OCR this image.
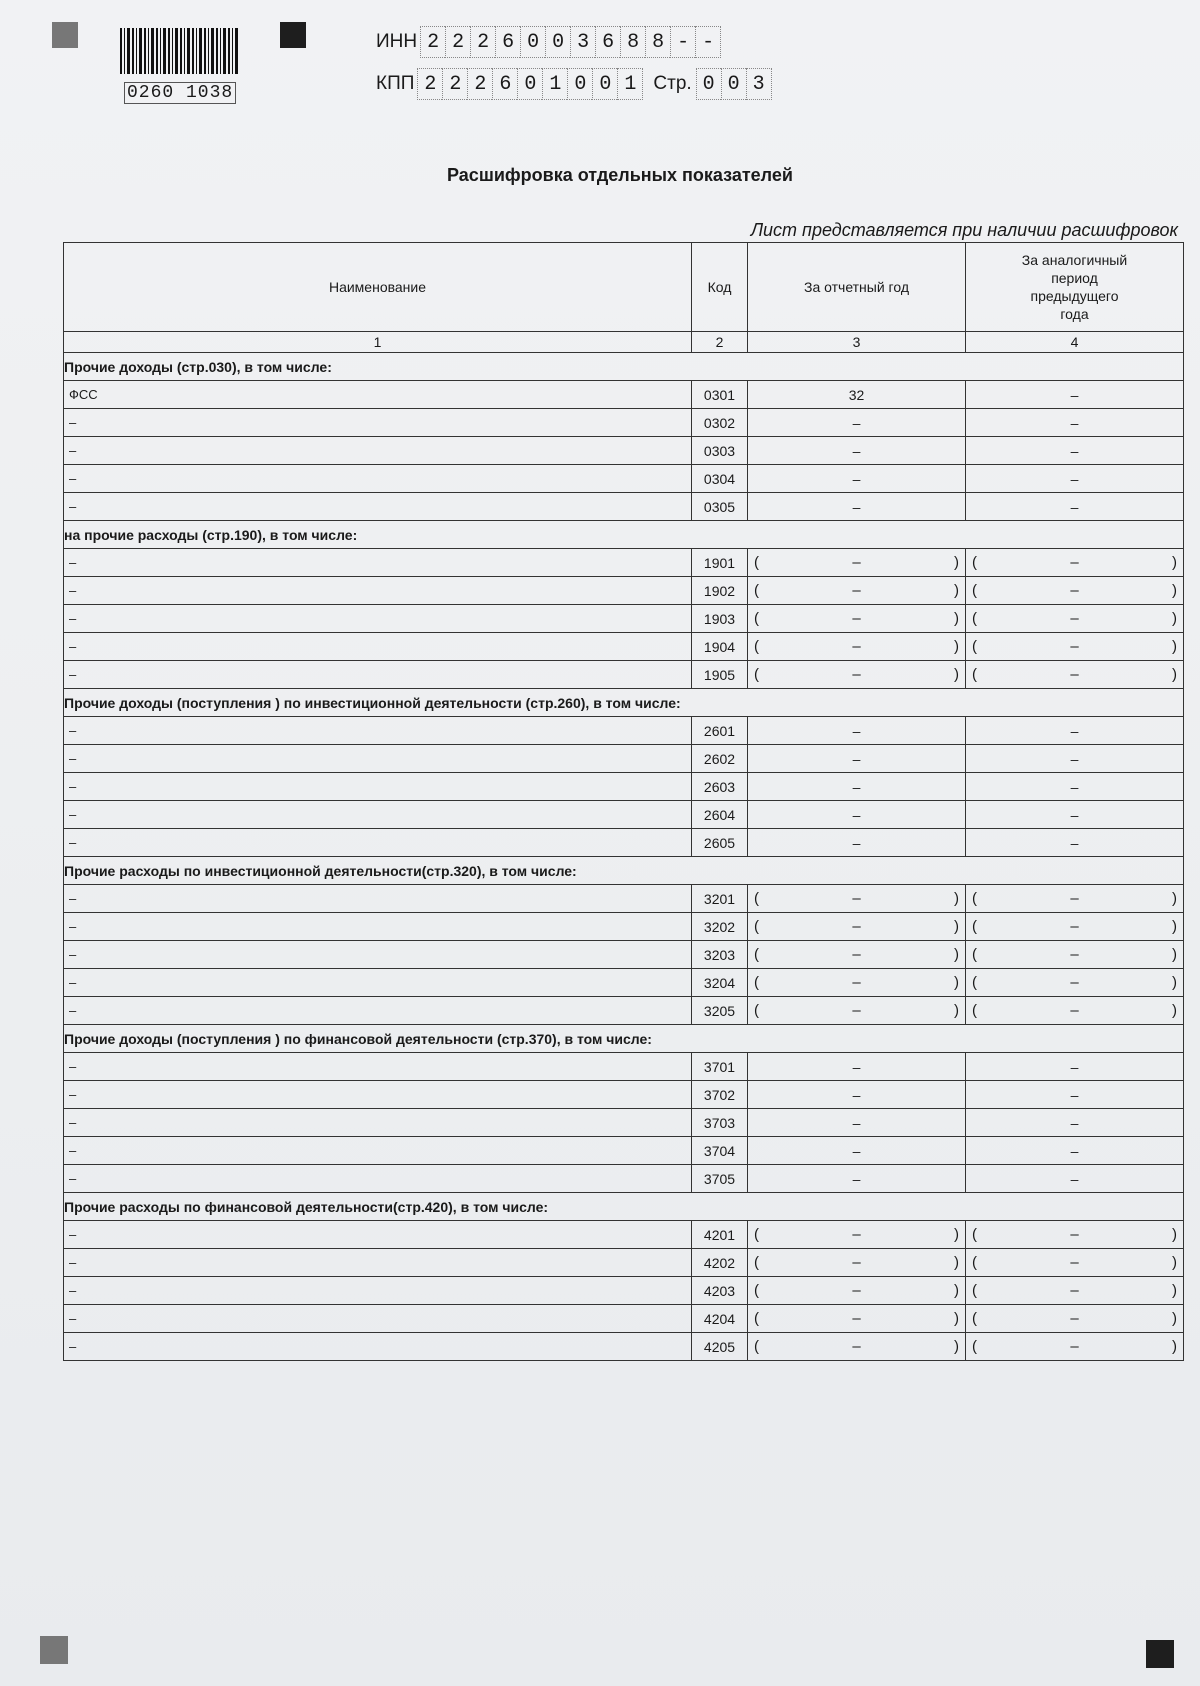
0260 1038
ИНН 2 2 2 6 0 0 3 6 8 8 - -
КПП 2 2 2 6 0 1 0 0 1 Стр. 0 0 3
Расшифровка отдельных показателей
Лист представляется при наличии расшифровок
Наименование	Код	За отчетный год	За аналогичный период предыдущего года
1	2	3	4
Прочие доходы (стр.030), в том числе:			
ФСС	0301	32	–
–	0302	–	–
–	0303	–	–
–	0304	–	–
–	0305	–	–
на прочие расходы (стр.190), в том числе:			
–	1901	( – )	( – )

–	1902	( – )	( – )

–	1903	( – )	( – )

–	1904	( – )	( – )

–	1905	( – )	( – )

Прочие доходы (поступления ) по инвестиционной деятельности (стр.260), в том числе:			
–	2601	–	–
–	2602	–	–
–	2603	–	–
–	2604	–	–
–	2605	–	–
Прочие расходы по инвестиционной деятельности(стр.320), в том числе:			
–	3201	( – )	( – )

–	3202	( – )	( – )

–	3203	( – )	( – )

–	3204	( – )	( – )

–	3205	( – )	( – )

Прочие доходы (поступления ) по финансовой деятельности (стр.370), в том числе:			
–	3701	–	–
–	3702	–	–
–	3703	–	–
–	3704	–	–
–	3705	–	–
Прочие расходы по финансовой деятельности(стр.420), в том числе:			
–	4201	( – )	( – )

–	4202	( – )	( – )

–	4203	( – )	( – )

–	4204	( – )	( – )

–	4205	( – )	( – )
